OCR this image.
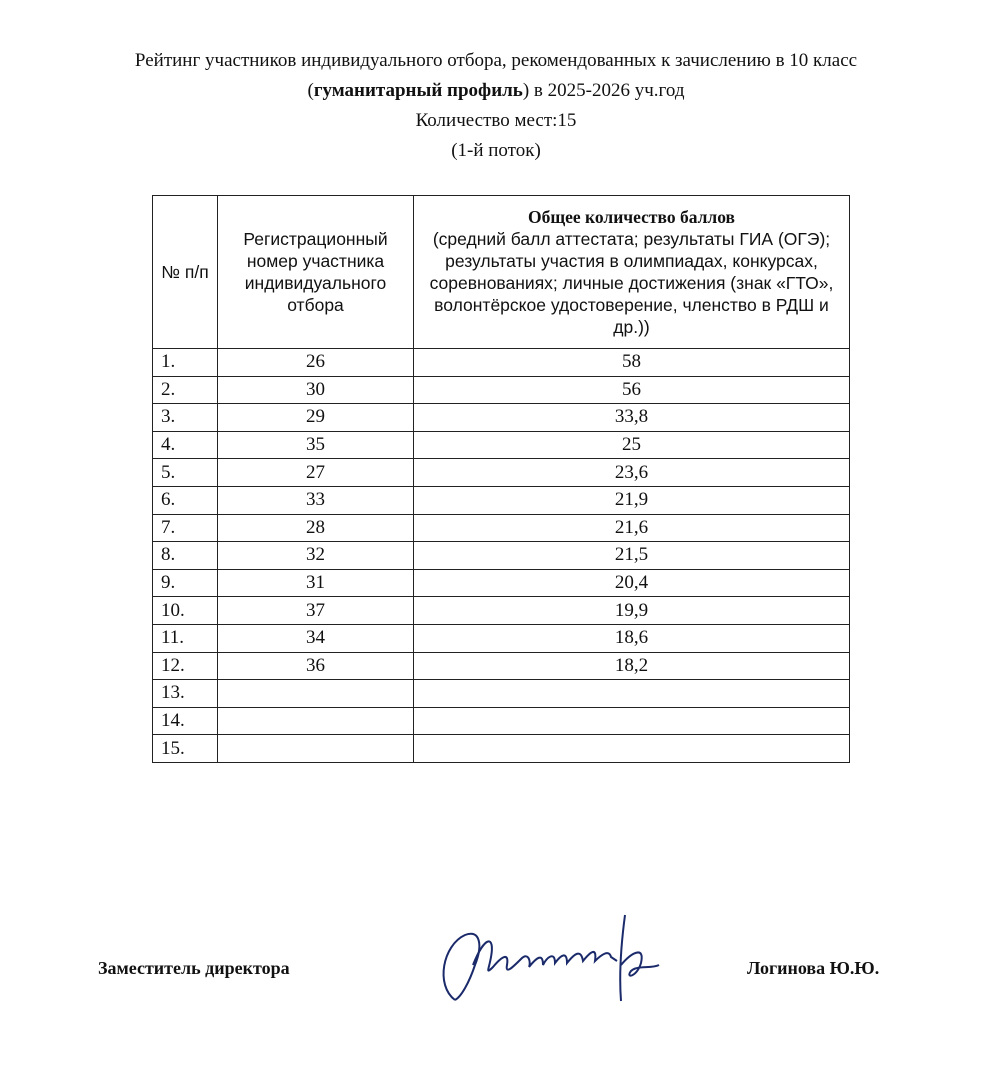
Рейтинг участников индивидуального отбора, рекомендованных к зачислению в 10 класс
(гуманитарный профиль) в 2025-2026 уч.год
Количество мест:15
(1-й поток)
№ п/п	Регистрационный номер участника индивидуального отбора	Общее количество баллов
(средний балл аттестата; результаты ГИА (ОГЭ); результаты участия в олимпиадах, конкурсах, соревнованиях; личные достижения (знак «ГТО», волонтёрское удостоверение, членство в РДШ и др.))

1.	26	58
2.	30	56
3.	29	33,8
4.	35	25
5.	27	23,6
6.	33	21,9
7.	28	21,6
8.	32	21,5
9.	31	20,4
10.	37	19,9
11.	34	18,6
12.	36	18,2
13.		
14.		
15.		
Заместитель директора	Логинова Ю.Ю.
